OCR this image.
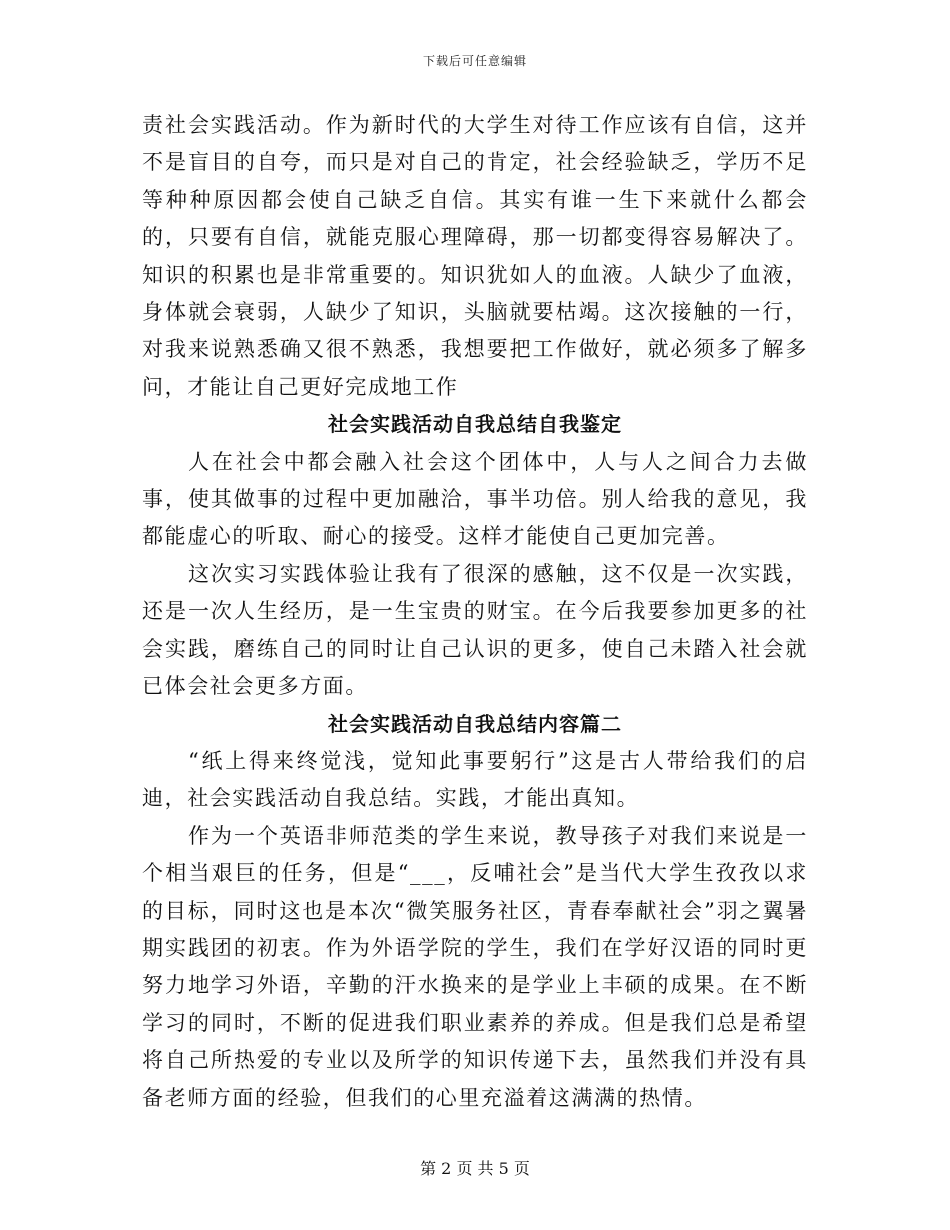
下载后可任意编辑

责社会实践活动。作为新时代的大学生对待工作应该有自信，这并不是盲目的自夸，而只是对自己的肯定，社会经验缺乏，学历不足等种种原因都会使自己缺乏自信。其实有谁一生下来就什么都会的，只要有自信，就能克服心理障碍，那一切都变得容易解决了。知识的积累也是非常重要的。知识犹如人的血液。人缺少了血液，身体就会衰弱，人缺少了知识，头脑就要枯竭。这次接触的一行，对我来说熟悉确又很不熟悉，我想要把工作做好，就必须多了解多问，才能让自己更好完成地工作

社会实践活动自我总结自我鉴定

人在社会中都会融入社会这个团体中，人与人之间合力去做事，使其做事的过程中更加融洽，事半功倍。别人给我的意见，我都能虚心的听取、耐心的接受。这样才能使自己更加完善。

这次实习实践体验让我有了很深的感触，这不仅是一次实践，还是一次人生经历，是一生宝贵的财宝。在今后我要参加更多的社会实践，磨练自己的同时让自己认识的更多，使自己未踏入社会就已体会社会更多方面。

社会实践活动自我总结内容篇二

“纸上得来终觉浅，觉知此事要躬行”这是古人带给我们的启迪，社会实践活动自我总结。实践，才能出真知。

作为一个英语非师范类的学生来说，教导孩子对我们来说是一个相当艰巨的任务，但是“___，反哺社会”是当代大学生孜孜以求的目标，同时这也是本次“微笑服务社区，青春奉献社会”羽之翼暑期实践团的初衷。作为外语学院的学生，我们在学好汉语的同时更努力地学习外语，辛勤的汗水换来的是学业上丰硕的成果。在不断学习的同时，不断的促进我们职业素养的养成。但是我们总是希望将自己所热爱的专业以及所学的知识传递下去，虽然我们并没有具备老师方面的经验，但我们的心里充溢着这满满的热情。

第 2 页 共 5 页
